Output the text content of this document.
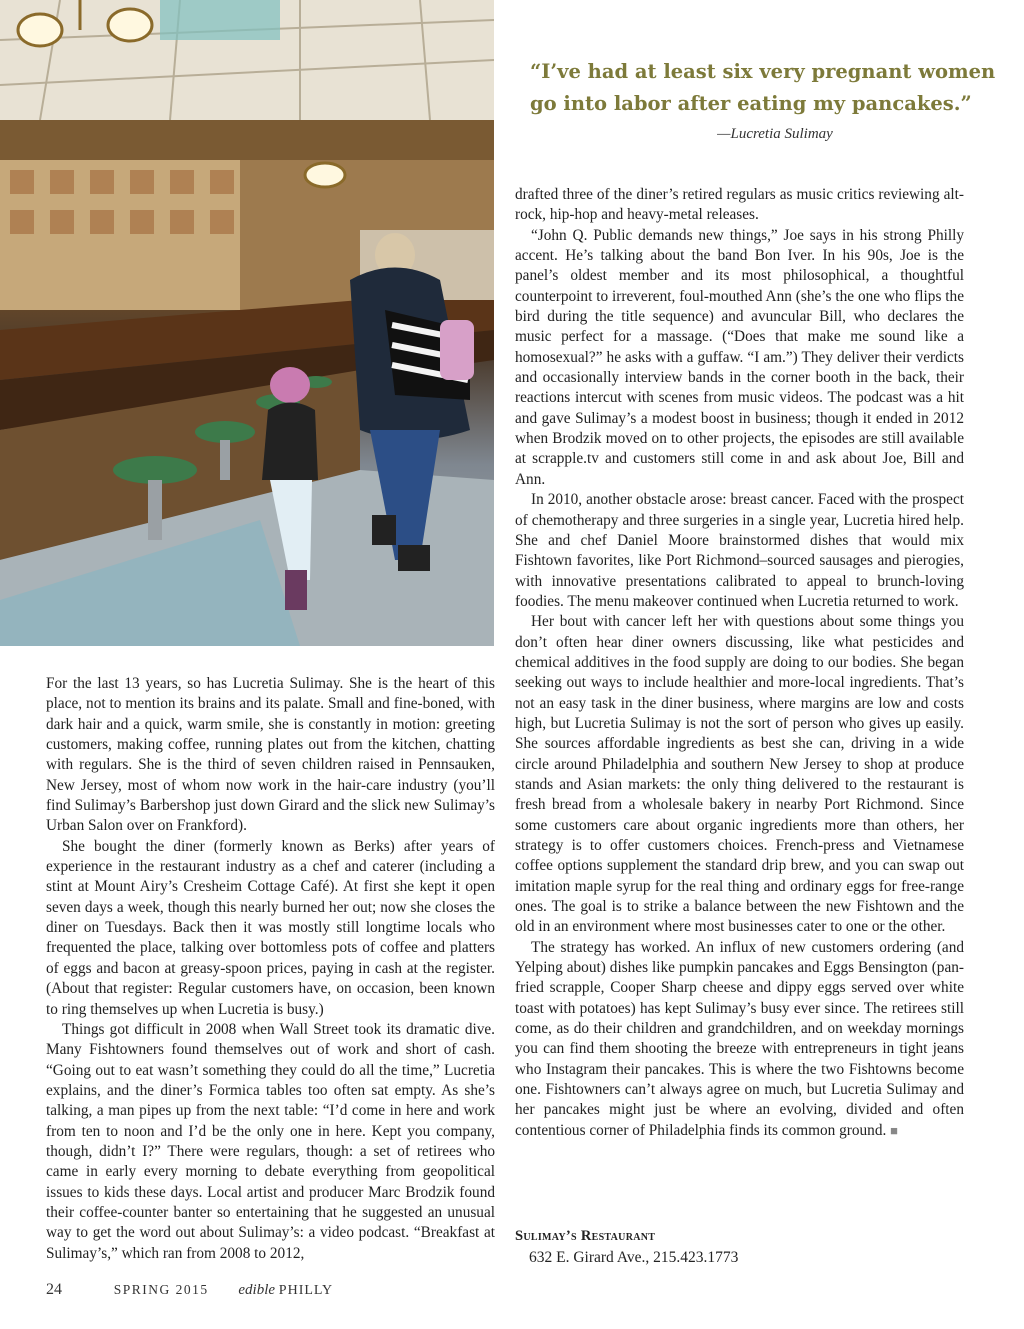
“I’ve had at least six very pregnant women
go into labor after eating my pancakes.”
—Lucretia Sulimay

For the last 13 years, so has Lucretia Sulimay. She is the heart of this place, not to mention its brains and its palate. Small and fine-boned, with dark hair and a quick, warm smile, she is constantly in motion: greeting customers, making coffee, running plates out from the kitchen, chatting with regulars. She is the third of seven children raised in Pennsauken, New Jersey, most of whom now work in the hair-care industry (you’ll find Sulimay’s Barbershop just down Girard and the slick new Sulimay’s Urban Salon over on Frankford).

She bought the diner (formerly known as Berks) after years of experience in the restaurant industry as a chef and caterer (including a stint at Mount Airy’s Cresheim Cottage Café). At first she kept it open seven days a week, though this nearly burned her out; now she closes the diner on Tuesdays. Back then it was mostly still longtime locals who frequented the place, talking over bottomless pots of coffee and platters of eggs and bacon at greasy-spoon prices, paying in cash at the register. (About that register: Regular customers have, on occasion, been known to ring themselves up when Lucretia is busy.)

Things got difficult in 2008 when Wall Street took its dramatic dive. Many Fishtowners found themselves out of work and short of cash. “Going out to eat wasn’t something they could do all the time,” Lucretia explains, and the diner’s Formica tables too often sat empty. As she’s talking, a man pipes up from the next table: “I’d come in here and work from ten to noon and I’d be the only one in here. Kept you company, though, didn’t I?” There were regulars, though: a set of retirees who came in early every morning to debate everything from geopolitical issues to kids these days. Local artist and producer Marc Brodzik found their coffee-counter banter so entertaining that he suggested an unusual way to get the word out about Sulimay’s: a video podcast. “Breakfast at Sulimay’s,” which ran from 2008 to 2012,

drafted three of the diner’s retired regulars as music critics reviewing alt-rock, hip-hop and heavy-metal releases.

“John Q. Public demands new things,” Joe says in his strong Philly accent. He’s talking about the band Bon Iver. In his 90s, Joe is the panel’s oldest member and its most philosophical, a thoughtful counterpoint to irreverent, foul-mouthed Ann (she’s the one who flips the bird during the title sequence) and avuncular Bill, who declares the music perfect for a massage. (“Does that make me sound like a homosexual?” he asks with a guffaw. “I am.”) They deliver their verdicts and occasionally interview bands in the corner booth in the back, their reactions intercut with scenes from music videos. The podcast was a hit and gave Sulimay’s a modest boost in business; though it ended in 2012 when Brodzik moved on to other projects, the episodes are still available at scrapple.tv and customers still come in and ask about Joe, Bill and Ann.

In 2010, another obstacle arose: breast cancer. Faced with the prospect of chemotherapy and three surgeries in a single year, Lucretia hired help. She and chef Daniel Moore brainstormed dishes that would mix Fishtown favorites, like Port Richmond–sourced sausages and pierogies, with innovative presentations calibrated to appeal to brunch-loving foodies. The menu makeover continued when Lucretia returned to work.

Her bout with cancer left her with questions about some things you don’t often hear diner owners discussing, like what pesticides and chemical additives in the food supply are doing to our bodies. She began seeking out ways to include healthier and more-local ingredients. That’s not an easy task in the diner business, where margins are low and costs high, but Lucretia Sulimay is not the sort of person who gives up easily. She sources affordable ingredients as best she can, driving in a wide circle around Philadelphia and southern New Jersey to shop at produce stands and Asian markets: the only thing delivered to the restaurant is fresh bread from a wholesale bakery in nearby Port Richmond. Since some customers care about organic ingredients more than others, her strategy is to offer customers choices. French-press and Vietnamese coffee options supplement the standard drip brew, and you can swap out imitation maple syrup for the real thing and ordinary eggs for free-range ones. The goal is to strike a balance between the new Fishtown and the old in an environment where most businesses cater to one or the other.

The strategy has worked. An influx of new customers ordering (and Yelping about) dishes like pumpkin pancakes and Eggs Bensington (pan-fried scrapple, Cooper Sharp cheese and dippy eggs served over white toast with potatoes) has kept Sulimay’s busy ever since. The retirees still come, as do their children and grandchildren, and on weekday mornings you can find them shooting the breeze with entrepreneurs in tight jeans who Instagram their pancakes. This is where the two Fishtowns become one. Fishtowners can’t always agree on much, but Lucretia Sulimay and her pancakes might just be where an evolving, divided and often contentious corner of Philadelphia finds its common ground. ■

Sulimay’s Restaurant
632 E. Girard Ave., 215.423.1773
24	SPRING 2015 edible PHILLY
